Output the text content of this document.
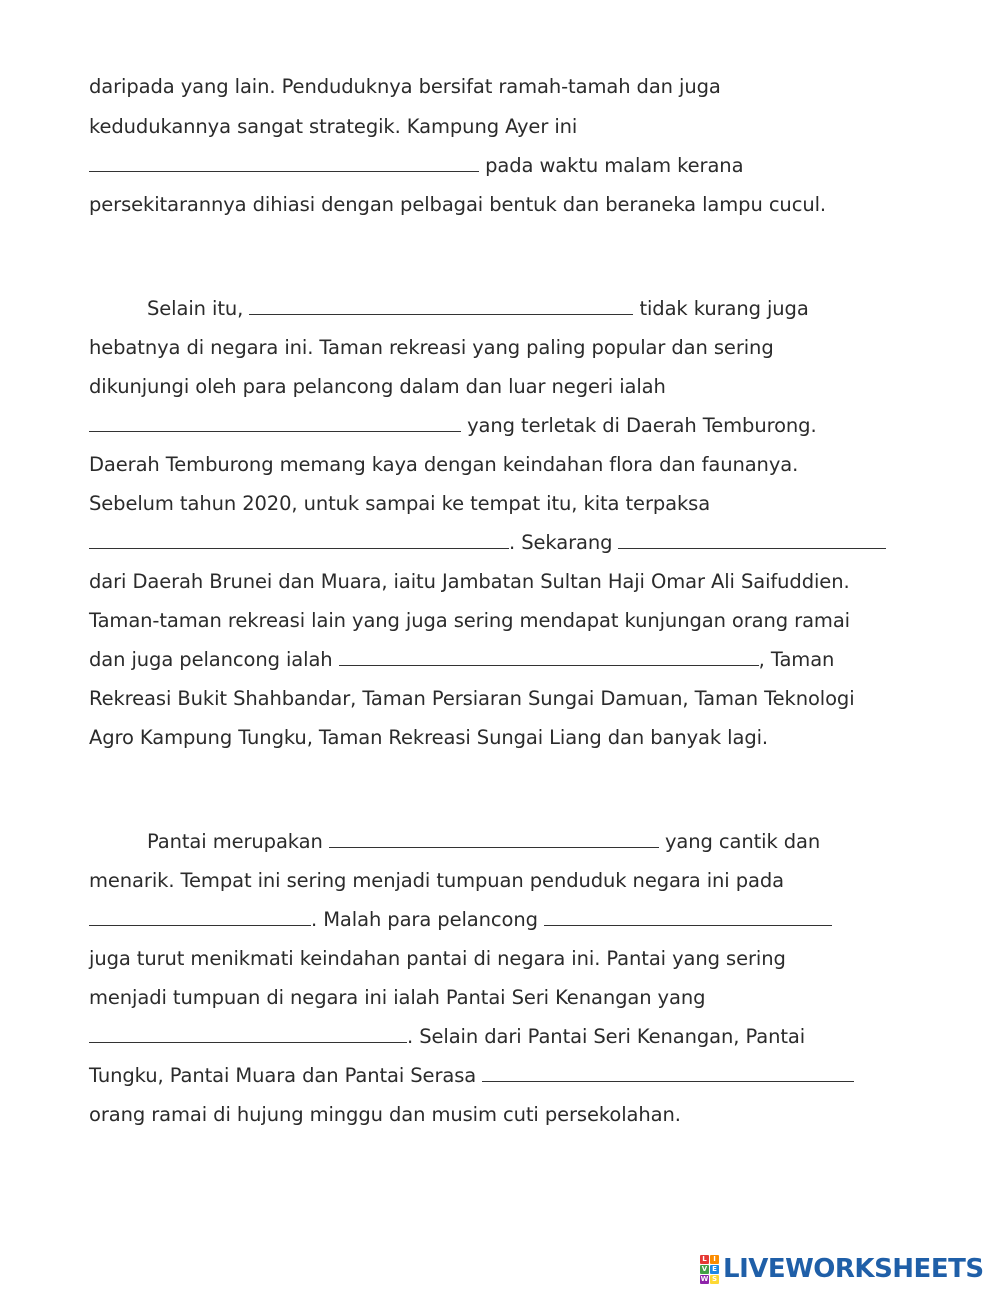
daripada yang lain. Penduduknya bersifat ramah-tamah dan juga
kedudukannya sangat strategik. Kampung Ayer ini
pada waktu malam kerana
persekitarannya dihiasi dengan pelbagai bentuk dan beraneka lampu cucul.
Selain itu,	tidak kurang juga
hebatnya di negara ini. Taman rekreasi yang paling popular dan sering
dikunjungi oleh para pelancong dalam dan luar negeri ialah
yang terletak di Daerah Temburong.
Daerah Temburong memang kaya dengan keindahan flora dan faunanya.
Sebelum tahun 2020, untuk sampai ke tempat itu, kita terpaksa
. Sekarang
dari Daerah Brunei dan Muara, iaitu Jambatan Sultan Haji Omar Ali Saifuddien.
Taman-taman rekreasi lain yang juga sering mendapat kunjungan orang ramai
dan juga pelancong ialah	, Taman
Rekreasi Bukit Shahbandar, Taman Persiaran Sungai Damuan, Taman Teknologi
Agro Kampung Tungku, Taman Rekreasi Sungai Liang dan banyak lagi.
Pantai merupakan	yang cantik dan
menarik. Tempat ini sering menjadi tumpuan penduduk negara ini pada
. Malah para pelancong
juga turut menikmati keindahan pantai di negara ini. Pantai yang sering
menjadi tumpuan di negara ini ialah Pantai Seri Kenangan yang
. Selain dari Pantai Seri Kenangan, Pantai
Tungku, Pantai Muara dan Pantai Serasa
orang ramai di hujung minggu dan musim cuti persekolahan.
L I
V E
W S LIVEWORKSHEETS
